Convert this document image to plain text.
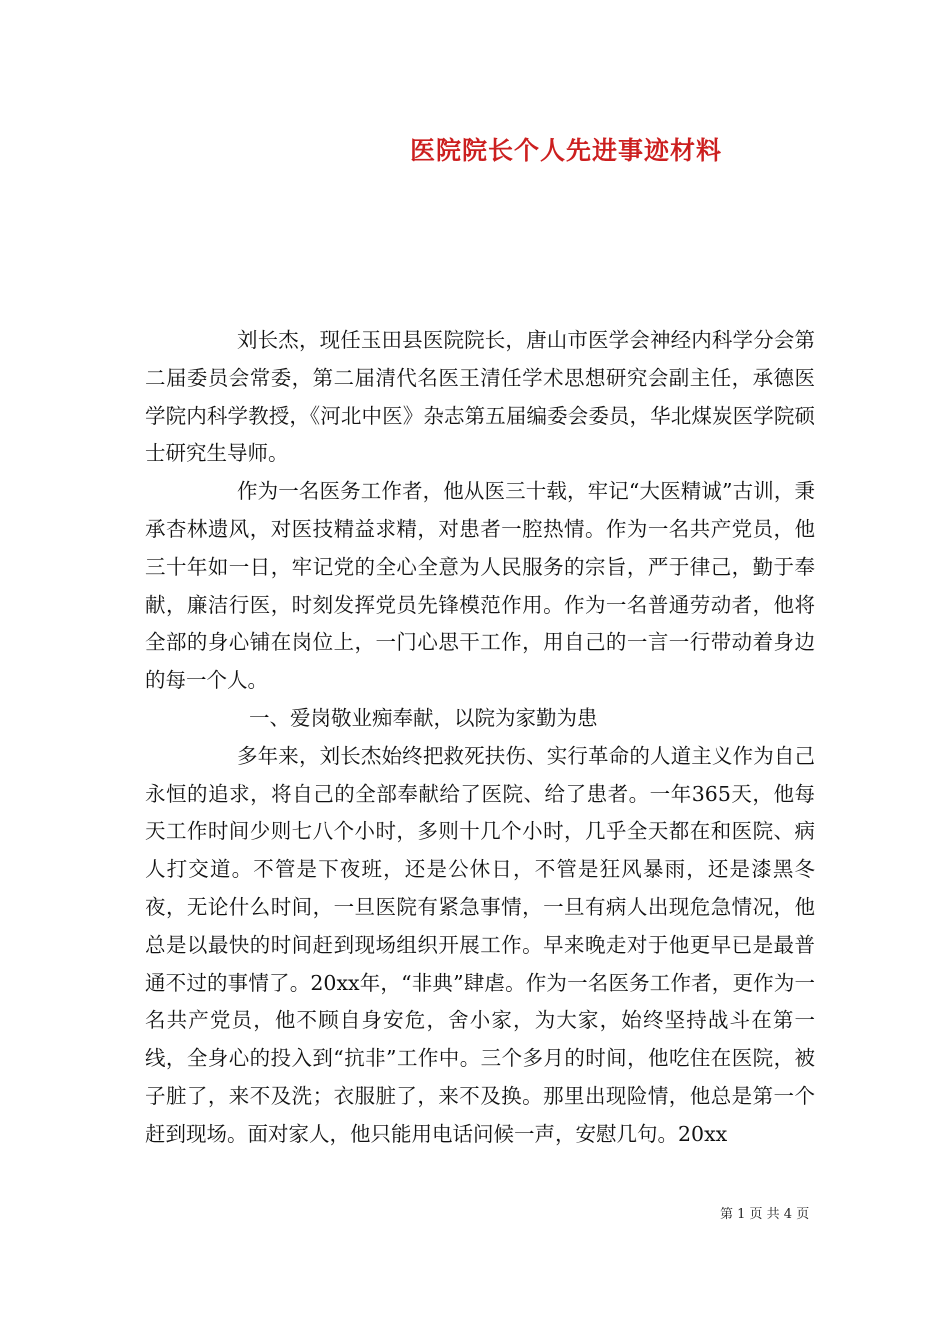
医院院长个人先进事迹材料

刘长杰，现任玉田县医院院长，唐山市医学会神经内科学分会第二届委员会常委，第二届清代名医王清任学术思想研究会副主任，承德医学院内科学教授，《河北中医》杂志第五届编委会委员，华北煤炭医学院硕士研究生导师。

作为一名医务工作者，他从医三十载，牢记“大医精诚”古训，秉承杏林遗风，对医技精益求精，对患者一腔热情。作为一名共产党员，他三十年如一日，牢记党的全心全意为人民服务的宗旨，严于律己，勤于奉献，廉洁行医，时刻发挥党员先锋模范作用。作为一名普通劳动者，他将全部的身心铺在岗位上，一门心思干工作，用自己的一言一行带动着身边的每一个人。

一、爱岗敬业痴奉献，以院为家勤为患

多年来，刘长杰始终把救死扶伤、实行革命的人道主义作为自己永恒的追求，将自己的全部奉献给了医院、给了患者。一年365天，他每天工作时间少则七八个小时，多则十几个小时，几乎全天都在和医院、病人打交道。不管是下夜班，还是公休日，不管是狂风暴雨，还是漆黑冬夜，无论什么时间，一旦医院有紧急事情，一旦有病人出现危急情况，他总是以最快的时间赶到现场组织开展工作。早来晚走对于他更早已是最普通不过的事情了。20xx年，“非典”肆虐。作为一名医务工作者，更作为一名共产党员，他不顾自身安危，舍小家，为大家，始终坚持战斗在第一线，全身心的投入到“抗非”工作中。三个多月的时间，他吃住在医院，被子脏了，来不及洗；衣服脏了，来不及换。那里出现险情，他总是第一个赶到现场。面对家人，他只能用电话问候一声，安慰几句。20xx

第 1 页 共 4 页
